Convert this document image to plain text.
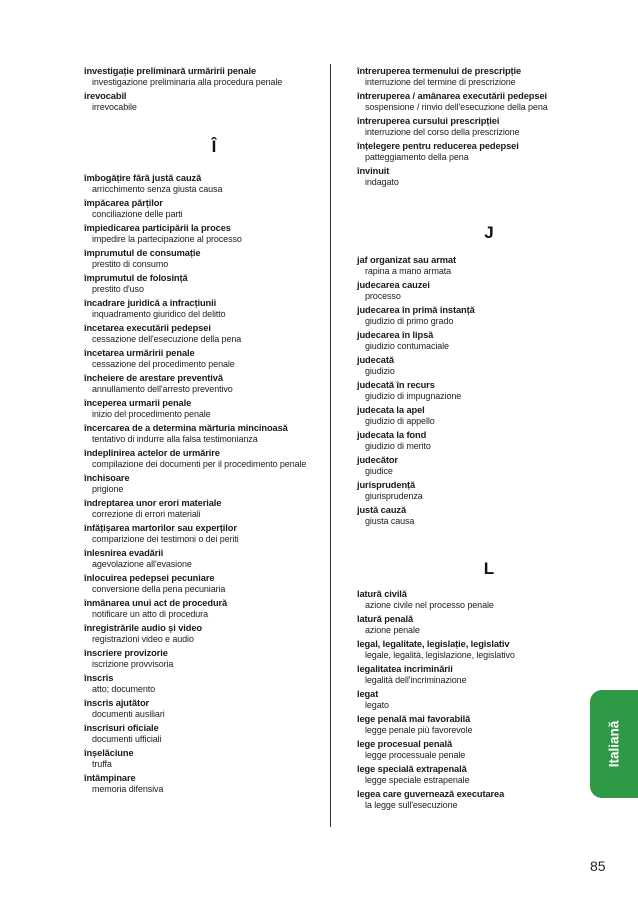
investigație preliminară urmăririi penale
investigazione preliminaria alla procedura penale
irevocabil
irrevocabile
Î
îmbogățire fără justă cauză
arricchimento senza giusta causa
împăcarea părților
conciliazione delle parti
împiedicarea participării la proces
impedire la partecipazione al processo
împrumutul de consumație
prestito di consumo
împrumutul de folosință
prestito d'uso
încadrare juridică a infracțiunii
inquadramento giuridico del delitto
încetarea executării pedepsei
cessazione dell'esecuzione della pena
încetarea urmăririi penale
cessazione del procedimento penale
încheiere de arestare preventivă
annullamento dell'arresto preventivo
începerea urmarii penale
inizio del procedimento penale
încercarea de a determina mărturia mincinoasă
tentativo di indurre alla falsa testimonianza
îndeplinirea actelor de urmărire
compilazione dei documenti per il procedimento penale
închisoare
prigione
îndreptarea unor erori materiale
correzione di errori materiali
înfățișarea martorilor sau experților
comparizione dei testimoni o dei periti
înlesnirea evadării
agevolazione all'evasione
înlocuirea pedepsei pecuniare
conversione della pena pecuniaria
înmânarea unui act de procedură
notificare un atto di procedura
înregistrările audio și video
registrazioni video e audio
înscriere provizorie
iscrizione provvisoria
înscris
atto; documento
înscris ajutător
documenti ausiliari
înscrisuri oficiale
documenti ufficiali
înșelăciune
truffa
întâmpinare
memoria difensiva
întreruperea termenului de prescripție
interruzione del termine di prescrizione
întreruperea / amânarea executării pedepsei
sospensione / rinvio dell'esecuzione della pena
întreruperea cursului prescripției
interruzione del corso della prescrizione
înțelegere pentru reducerea pedepsei
patteggiamento della pena
învinuit
indagato
J
jaf organizat sau armat
rapina a mano armata
judecarea cauzei
processo
judecarea în primă instanță
giudizio di primo grado
judecarea în lipsă
giudizio contumaciale
judecată
giudizio
judecată în recurs
giudizio di impugnazione
judecata la apel
giudizio di appello
judecata la fond
giudizio di merito
judecător
giudice
jurisprudență
giurisprudenza
justă cauză
giusta causa
L
latură civilă
azione civile nel processo penale
latură penală
azione penale
legal, legalitate, legislație, legislativ
legale, legalità, legislazione, legislativo
legalitatea incriminării
legalità dell'incriminazione
legat
legato
lege penală mai favorabilă
legge penale più favorevole
lege procesual penală
legge processuale penale
lege specială extrapenală
legge speciale estrapenale
legea care guvernează executarea
la legge sull'esecuzione
Italiană
85
